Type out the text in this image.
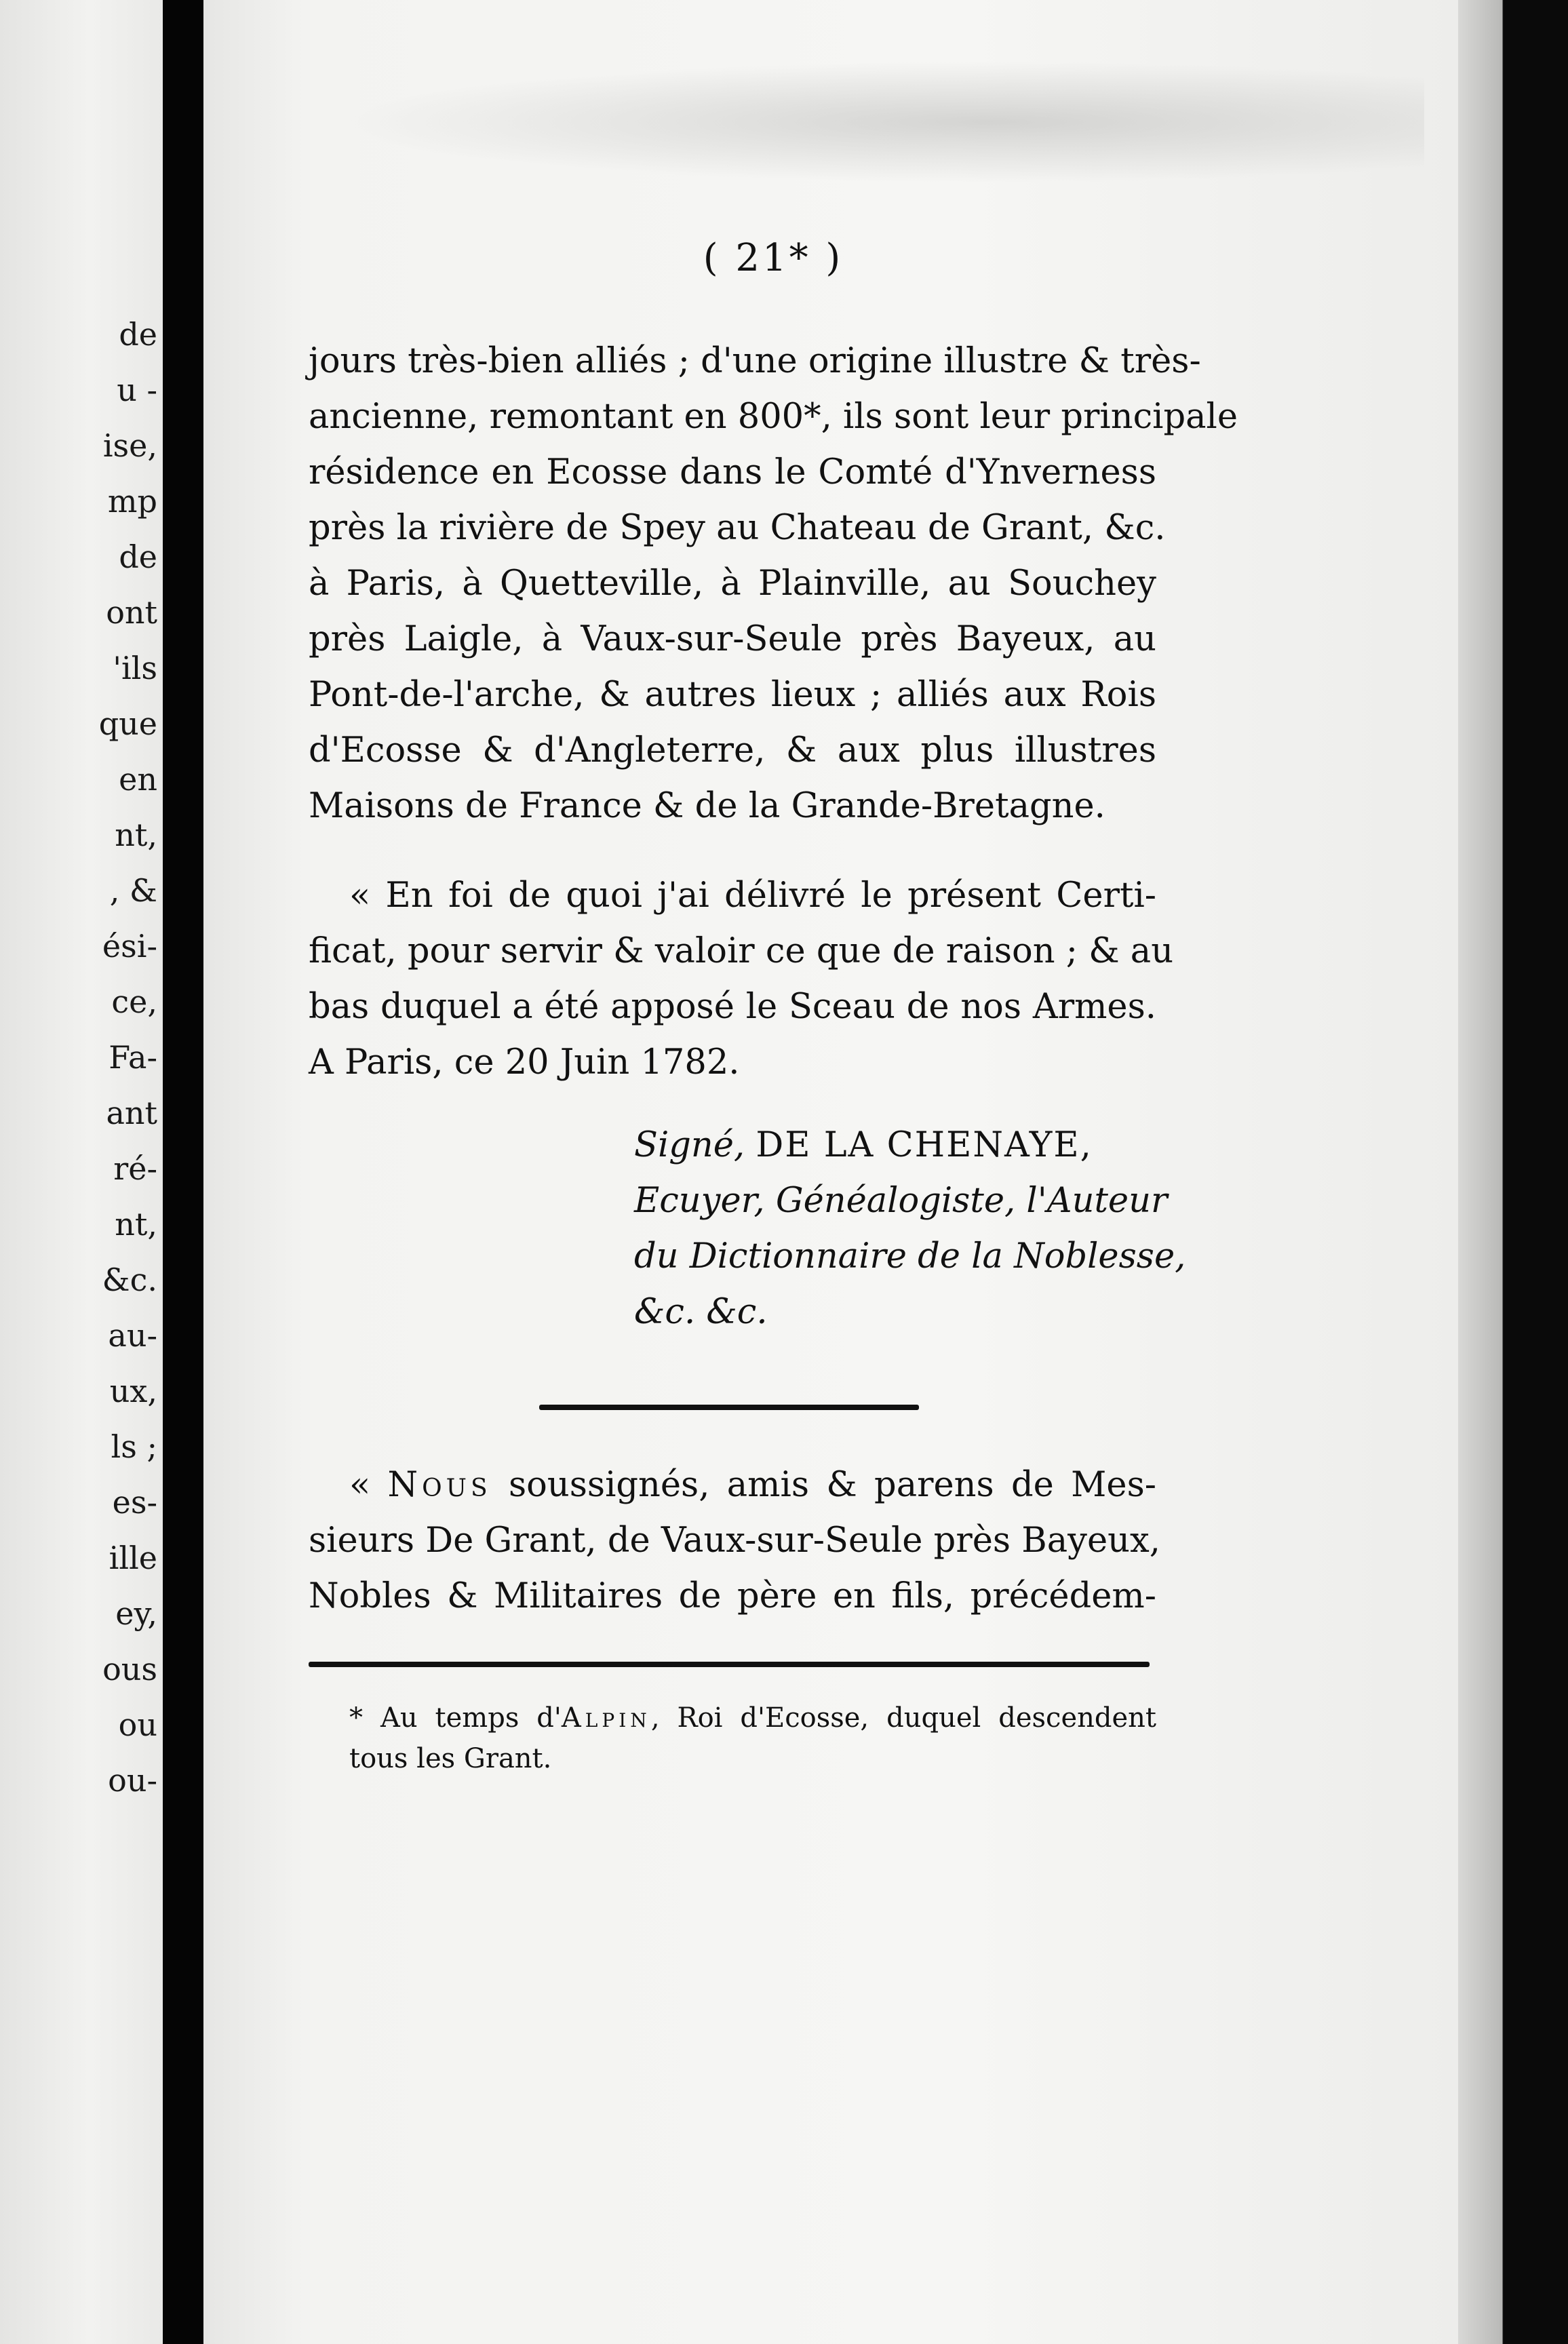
de
u -
ise,
mp
de
ont
'ils
que
en
nt,
, &
ési-
ce,
Fa-
ant
ré-
nt,
&c.
au-
ux,
ls ;
es-
ille
ey,
ous
ou
ou-
( 21* )
jours très-bien alliés ; d'une origine illustre & très-
ancienne, remontant en 800*, ils sont leur principale
résidence en Ecosse dans le Comté d'Ynverness
près la rivière de Spey au Chateau de Grant, &c.
à Paris, à Quetteville, à Plainville, au Souchey
près Laigle, à Vaux-sur-Seule près Bayeux, au
Pont-de-l'arche, & autres lieux ; alliés aux Rois
d'Ecosse & d'Angleterre, & aux plus illustres
Maisons de France & de la Grande-Bretagne.
« En foi de quoi j'ai délivré le présent Certi-
ficat, pour servir & valoir ce que de raison ; & au
bas duquel a été apposé le Sceau de nos Armes.
A Paris, ce 20 Juin 1782.
Signé, DE LA CHENAYE,
Ecuyer, Généalogiste, l'Auteur
du Dictionnaire de la Noblesse,
&c. &c.
« Nous soussignés, amis & parens de Mes-
sieurs De Grant, de Vaux-sur-Seule près Bayeux,
Nobles & Militaires de père en fils, précédem-
* Au temps d'Alpin, Roi d'Ecosse, duquel descendent
tous les Grant.
